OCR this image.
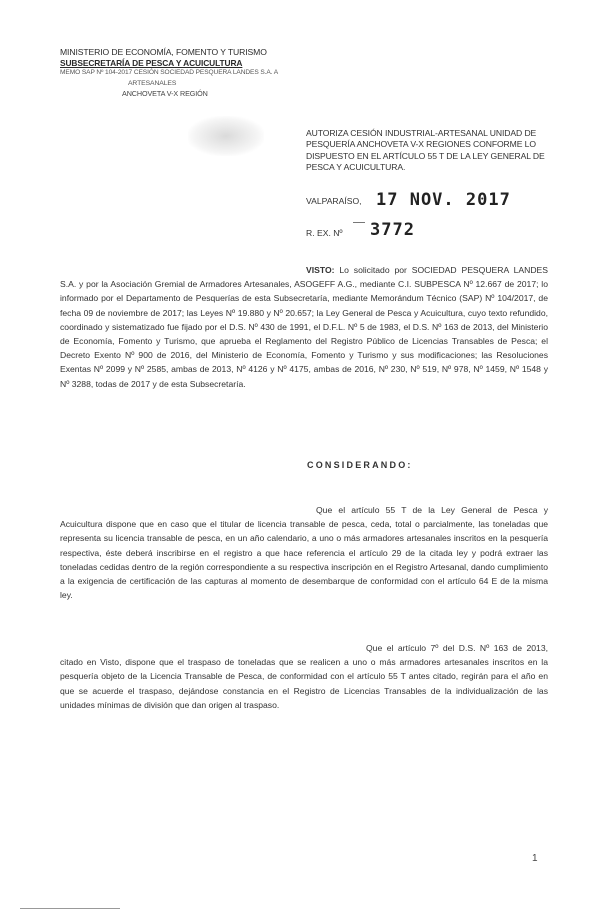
MINISTERIO DE ECONOMÍA, FOMENTO Y TURISMO
SUBSECRETARÍA DE PESCA Y ACUICULTURA
MEMO SAP Nº 104-2017 CESIÓN SOCIEDAD PESQUERA LANDES S.A. A
ARTESANALES
ANCHOVETA V-X REGIÓN
AUTORIZA CESIÓN INDUSTRIAL-ARTESANAL UNIDAD DE PESQUERÍA ANCHOVETA V-X REGIONES CONFORME LO DISPUESTO EN EL ARTÍCULO 55 T DE LA LEY GENERAL DE PESCA Y ACUICULTURA.
VALPARAÍSO, 17 NOV. 2017
R. EX. Nº 3772
VISTO: Lo solicitado por SOCIEDAD PESQUERA LANDES S.A. y por la Asociación Gremial de Armadores Artesanales, ASOGEFF A.G., mediante C.I. SUBPESCA Nº 12.667 de 2017; lo informado por el Departamento de Pesquerías de esta Subsecretaría, mediante Memorándum Técnico (SAP) Nº 104/2017, de fecha 09 de noviembre de 2017; las Leyes Nº 19.880 y Nº 20.657; la Ley General de Pesca y Acuicultura, cuyo texto refundido, coordinado y sistematizado fue fijado por el D.S. Nº 430 de 1991, el D.F.L. Nº 5 de 1983, el D.S. Nº 163 de 2013, del Ministerio de Economía, Fomento y Turismo, que aprueba el Reglamento del Registro Público de Licencias Transables de Pesca; el Decreto Exento Nº 900 de 2016, del Ministerio de Economía, Fomento y Turismo y sus modificaciones; las Resoluciones Exentas Nº 2099 y Nº 2585, ambas de 2013, Nº 4126 y Nº 4175, ambas de 2016, Nº 230, Nº 519, Nº 978, Nº 1459, Nº 1548 y Nº 3288, todas de 2017 y de esta Subsecretaría.
CONSIDERANDO:
Que el artículo 55 T de la Ley General de Pesca y Acuicultura dispone que en caso que el titular de licencia transable de pesca, ceda, total o parcialmente, las toneladas que representa su licencia transable de pesca, en un año calendario, a uno o más armadores artesanales inscritos en la pesquería respectiva, éste deberá inscribirse en el registro a que hace referencia el artículo 29 de la citada ley y podrá extraer las toneladas cedidas dentro de la región correspondiente a su respectiva inscripción en el Registro Artesanal, dando cumplimiento a la exigencia de certificación de las capturas al momento de desembarque de conformidad con el artículo 64 E de la misma ley.
Que el artículo 7º del D.S. Nº 163 de 2013, citado en Visto, dispone que el traspaso de toneladas que se realicen a uno o más armadores artesanales inscritos en la pesquería objeto de la Licencia Transable de Pesca, de conformidad con el artículo 55 T antes citado, regirán para el año en que se acuerde el traspaso, dejándose constancia en el Registro de Licencias Transables de la individualización de las unidades mínimas de división que dan origen al traspaso.
1
